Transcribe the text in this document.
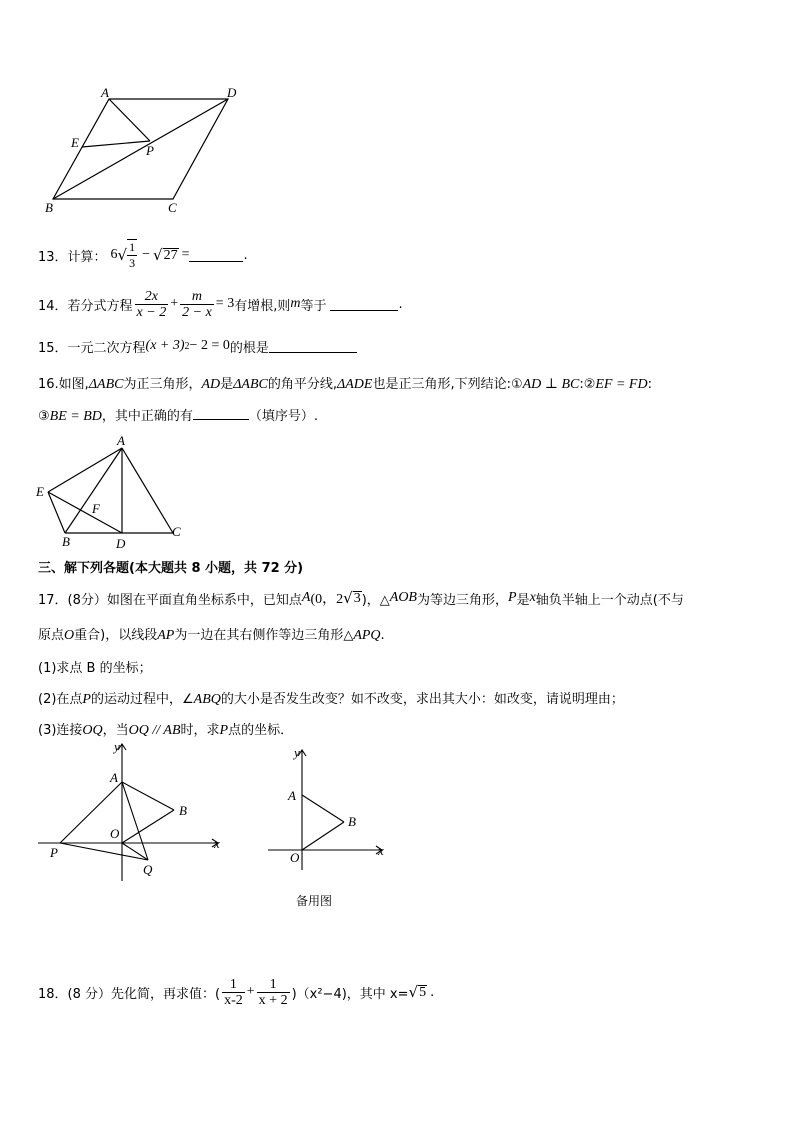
A	D
E
P
B	C
13．计算： 6 √ $\frac{1}{3}$ − √ 27 =	.
14．若分式方程 $\frac{2x}{x - 2} + \frac{m}{2 - x} = 3$ 有增根,则 m 等于	.
15．一元二次方程 (x + 3) 2 − 2 = 0 的根是
16.如图,ΔABC为正三角形，AD是ΔABC的角平分线,ΔADE也是正三角形,下列结论:①AD ⊥ BC:②EF = FD:
③BE = BD，其中正确的有	（填序号）.
A
E
F
B	D
C
三、解下列各题(本大题共 8 小题，共 72 分)
17．(8分）如图在平面直角坐标系中，已知点 A (0，2 √ 3 )，△ AOB 为等边三角形， P 是 x 轴负半轴上一个动点(不与
原点O重合)，以线段AP为一边在其右侧作等边三角形△APQ.
(1)求点 B 的坐标；
(2)在点P的运动过程中，∠ABQ的大小是否发生改变？如不改变，求出其大小：如改变，请说明理由；
(3)连接OQ，当OQ // AB时，求P点的坐标．
y
A
B
O
x
P
Q
y
A
B
O	x
备用图
18．(8 分）先化简，再求值：( $\frac{1}{x-2} + \frac{1}{x + 2} )(x^2-4)$，其中 x= √ 5 .
